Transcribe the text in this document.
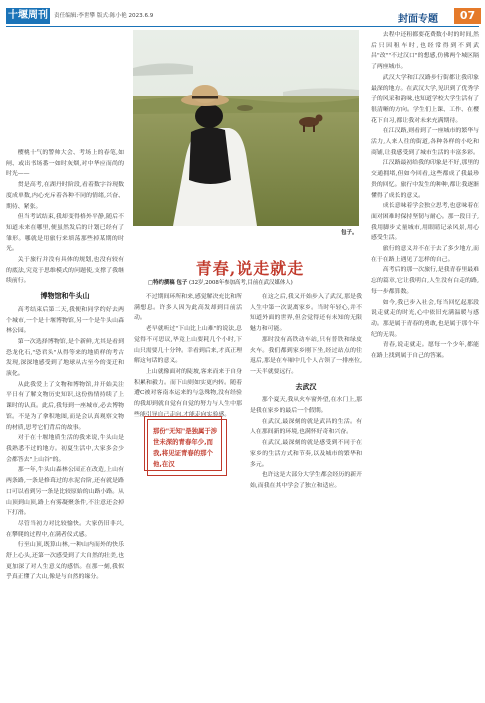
十堰周刊	责任编辑:李世攀 版式:陈小艳 2023.6.9	封面专题	07

樱桃十气的警帅大会、考场上的春笔,如闸、或出书场番一如时灰烟,对中华应而尚的时光——

贯是高考,在湖丹时阶段,看着数字谷现数度成单数,内心充斥着各种不同的情绪,兴奋、期待、紧张。

但当考试结束,我却变得格外平静,随后不知道未来在哪里,便虽然发后的计划已经有了雏形。哪就是用旅行来填荡那些掉某期的时光。

关于旅行并没有具体的规划,也没有较有的底法,究竟于思维模式的问题使,支撑了我继续前行。

博物馆和牛头山

高考结束后第二天,我便和同学约好去两个城市,一个是十堰博物馆,另一个是牛头山森林公园。

第一次选择博物馆,是个新鲜,尤其是看到恐龙化石,"恐君头"从得等来的地质样的考古发现,深深地感受到了地球从古至今的变迁和演化。

从此我爱上了文物和博物馆,并开始关注平日有了解文物历史知识,这份热情持续了上课时的认真。此后,我每到一座城市,必去博物馆。不是为了拿积地图,而是会认真观察文物的材质,思考它们背后的故事。

对于在十堰地质生活的我来说,牛头山是我熟悉不过的地方。初夏生活中,大家多会少会都答去"上山谷"的。

那一年,牛头山森林公园正在改造,上山有两条路,一条是修葺过的水泥台阶,还有就是路口可以看到另一条是比较原始的山路小路。从山顶到山顶,路上有雾凝聚条件,不注意还会掉下打滑。

尽管当初力对比较愉快。大家仍旧非兴,在攀爬的过程中,在满者仪式感。

行至山顶,既算山林,一种山内而外的快乐舒上心头,还第一次感受到了大自然的壮美,也更加深了对人生意义的感悟。在那一刻,我似乎真正懂了大山,像是与自然的缘分。

包子。

去程中还租都要花费数小时的时间,然后只因租车时,也经常得到不到武昌"改""不过汉口"的想感,仿佛两个城区隔了两座城市。

武汉大学和江汉路步行街都让我印象最深的地方。在武汉大学,见识到了优秀学子的风采和韵味,也知道学校大学生活有了很清晰的方向。学生们上课、工作、在樱花下自习,都让我对未来充满期待。

在江汉路,则看到了一座城市的繁华与活力,人来人往的街道,各种各样的小吃和商铺,让我感受到了城市生活的丰富多彩。

江汉路最初给我的印象是不好,那里的交通拥堵,但如今回看,这些都成了我最珍贵的回忆。旅行中发生的种种,都让我逐渐懂得了成长的意义。

成长意味着学会独立思考,也意味着在面对困难时保持坚韧与耐心。那一段日子,我用脚步丈量城市,用眼睛记录风景,用心感受生活。

旅行的意义并不在于去了多少地方,而在于在路上遇见了怎样的自己。

高考后的那一次旅行,是我青春里最难忘的篇章,它让我明白,人生没有白走的路,每一步都算数。

如今,我已步入社会,每当回忆起那段说走就走的时光,心中依旧充满温暖与感动。那是属于青春的勇敢,也是属于那个年纪的无畏。

青春,说走就走。愿每一个少年,都能在路上找到属于自己的答案。

青春,说走就走
□特约撰稿 包子 (32岁,2008年参加高考,目前在武汉媒体人)

不过期间环所和来,感觉解决充比和所满想息。许多人因为此高发却到目前活动。

老早就听过"下山比上山难"的说法,总觉得不可思议,毕竟上山要耗几个小时,下山只需要几十分钟。幸看到后来,才真正理解这句话的意义。

上山就像面对的陡坡,客来而来于自身积累和毅力。而下山则如实更内转。随着遭C被对客南本运来的与急殊物,没有经验的我却到就自觉有自觉的努力与人生中那些能引导自己走向,才能走向实验感。

在这之后,我又开始步入了武汉,那是我人生中第一次说离家乡。当时年轻心,并不知道外面的世界,但会觉得还有未知的无限魅力和可能。

那时没有高铁动车站,只有普铁和绿皮火车。我们都到家乡刚下坐,经过站点的往返后,那是在车厢中几个人占领了一排座位,一天半就要远行。

去武汉

那个夏天,我从火车窗外望,在水门上,那是我在家乡的最后一个假期。

在武汉,最深刻的就是武昌的生活。有人在那间新的环境,也满怀好奇和兴奋。

在武汉,最深刻的就是感受到不同于在家乡的生活方式和节奏,以及城市的繁华和多元。

也许这是大部分大学生都会经历的新开始,而我在其中学会了独立和适应。

那份"无知"是独属于涉世未深的青春年少,而我,将见证青春的那个他,在汉
